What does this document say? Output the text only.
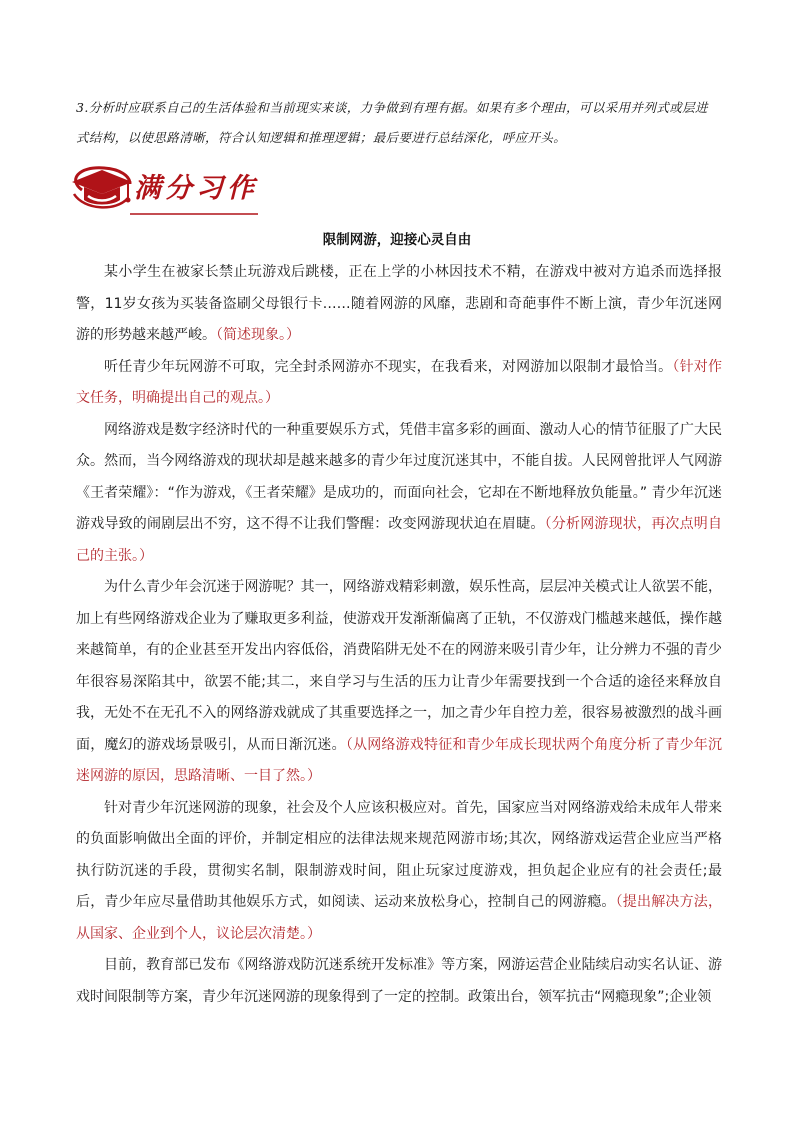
3.分析时应联系自己的生活体验和当前现实来谈，力争做到有理有据。如果有多个理由，可以采用并列式或层进式结构，以使思路清晰，符合认知逻辑和推理逻辑；最后要进行总结深化，呼应开头。
满分习作
限制网游，迎接心灵自由

某小学生在被家长禁止玩游戏后跳楼，正在上学的小林因技术不精，在游戏中被对方追杀而选择报警，11岁女孩为买装备盗刷父母银行卡……随着网游的风靡，悲剧和奇葩事件不断上演，青少年沉迷网游的形势越来越严峻。（简述现象。）

听任青少年玩网游不可取，完全封杀网游亦不现实，在我看来，对网游加以限制才最恰当。（针对作文任务，明确提出自己的观点。）

网络游戏是数字经济时代的一种重要娱乐方式，凭借丰富多彩的画面、激动人心的情节征服了广大民众。然而，当今网络游戏的现状却是越来越多的青少年过度沉迷其中，不能自拔。人民网曾批评人气网游《王者荣耀》：“作为游戏，《王者荣耀》是成功的，而面向社会，它却在不断地释放负能量。” 青少年沉迷游戏导致的闹剧层出不穷，这不得不让我们警醒：改变网游现状迫在眉睫。（分析网游现状，再次点明自己的主张。）

为什么青少年会沉迷于网游呢？其一，网络游戏精彩刺激，娱乐性高，层层冲关模式让人欲罢不能，加上有些网络游戏企业为了赚取更多利益，使游戏开发渐渐偏离了正轨，不仅游戏门槛越来越低，操作越来越简单，有的企业甚至开发出内容低俗，消费陷阱无处不在的网游来吸引青少年，让分辨力不强的青少年很容易深陷其中，欲罢不能;其二，来自学习与生活的压力让青少年需要找到一个合适的途径来释放自我，无处不在无孔不入的网络游戏就成了其重要选择之一，加之青少年自控力差，很容易被激烈的战斗画面，魔幻的游戏场景吸引，从而日渐沉迷。（从网络游戏特征和青少年成长现状两个角度分析了青少年沉迷网游的原因，思路清晰、一目了然。）

针对青少年沉迷网游的现象，社会及个人应该积极应对。首先，国家应当对网络游戏给未成年人带来的负面影响做出全面的评价，并制定相应的法律法规来规范网游市场;其次，网络游戏运营企业应当严格执行防沉迷的手段，贯彻实名制，限制游戏时间，阻止玩家过度游戏，担负起企业应有的社会责任;最后，青少年应尽量借助其他娱乐方式，如阅读、运动来放松身心，控制自己的网游瘾。（提出解决方法，从国家、企业到个人，议论层次清楚。）

目前，教育部已发布《网络游戏防沉迷系统开发标准》等方案，网游运营企业陆续启动实名认证、游戏时间限制等方案，青少年沉迷网游的现象得到了一定的控制。政策出台，领军抗击“网瘾现象”;企业领
